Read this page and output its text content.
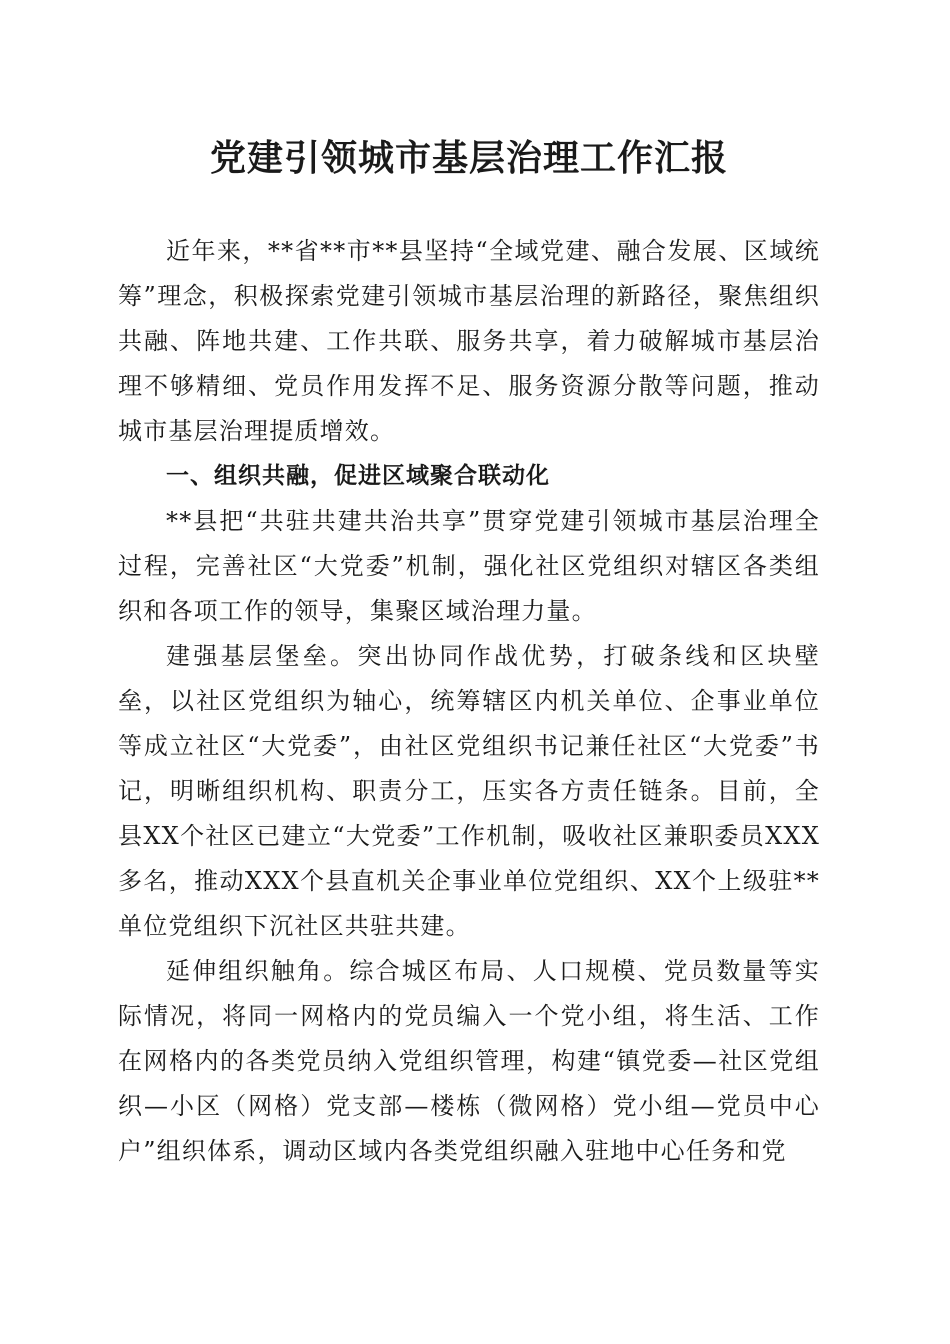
党建引领城市基层治理工作汇报

近年来，**省**市**县坚持“全域党建、融合发展、区域统筹”理念，积极探索党建引领城市基层治理的新路径，聚焦组织共融、阵地共建、工作共联、服务共享，着力破解城市基层治理不够精细、党员作用发挥不足、服务资源分散等问题，推动城市基层治理提质增效。

一、组织共融，促进区域聚合联动化

**县把“共驻共建共治共享”贯穿党建引领城市基层治理全过程，完善社区“大党委”机制，强化社区党组织对辖区各类组织和各项工作的领导，集聚区域治理力量。

建强基层堡垒。突出协同作战优势，打破条线和区块壁垒，以社区党组织为轴心，统筹辖区内机关单位、企事业单位等成立社区“大党委”，由社区党组织书记兼任社区“大党委”书记，明晰组织机构、职责分工，压实各方责任链条。目前，全县XX个社区已建立“大党委”工作机制，吸收社区兼职委员XXX多名，推动XXX个县直机关企事业单位党组织、XX个上级驻**单位党组织下沉社区共驻共建。

延伸组织触角。综合城区布局、人口规模、党员数量等实际情况，将同一网格内的党员编入一个党小组，将生活、工作在网格内的各类党员纳入党组织管理，构建“镇党委—社区党组织—小区（网格）党支部—楼栋（微网格）党小组—党员中心户”组织体系，调动区域内各类党组织融入驻地中心任务和党
